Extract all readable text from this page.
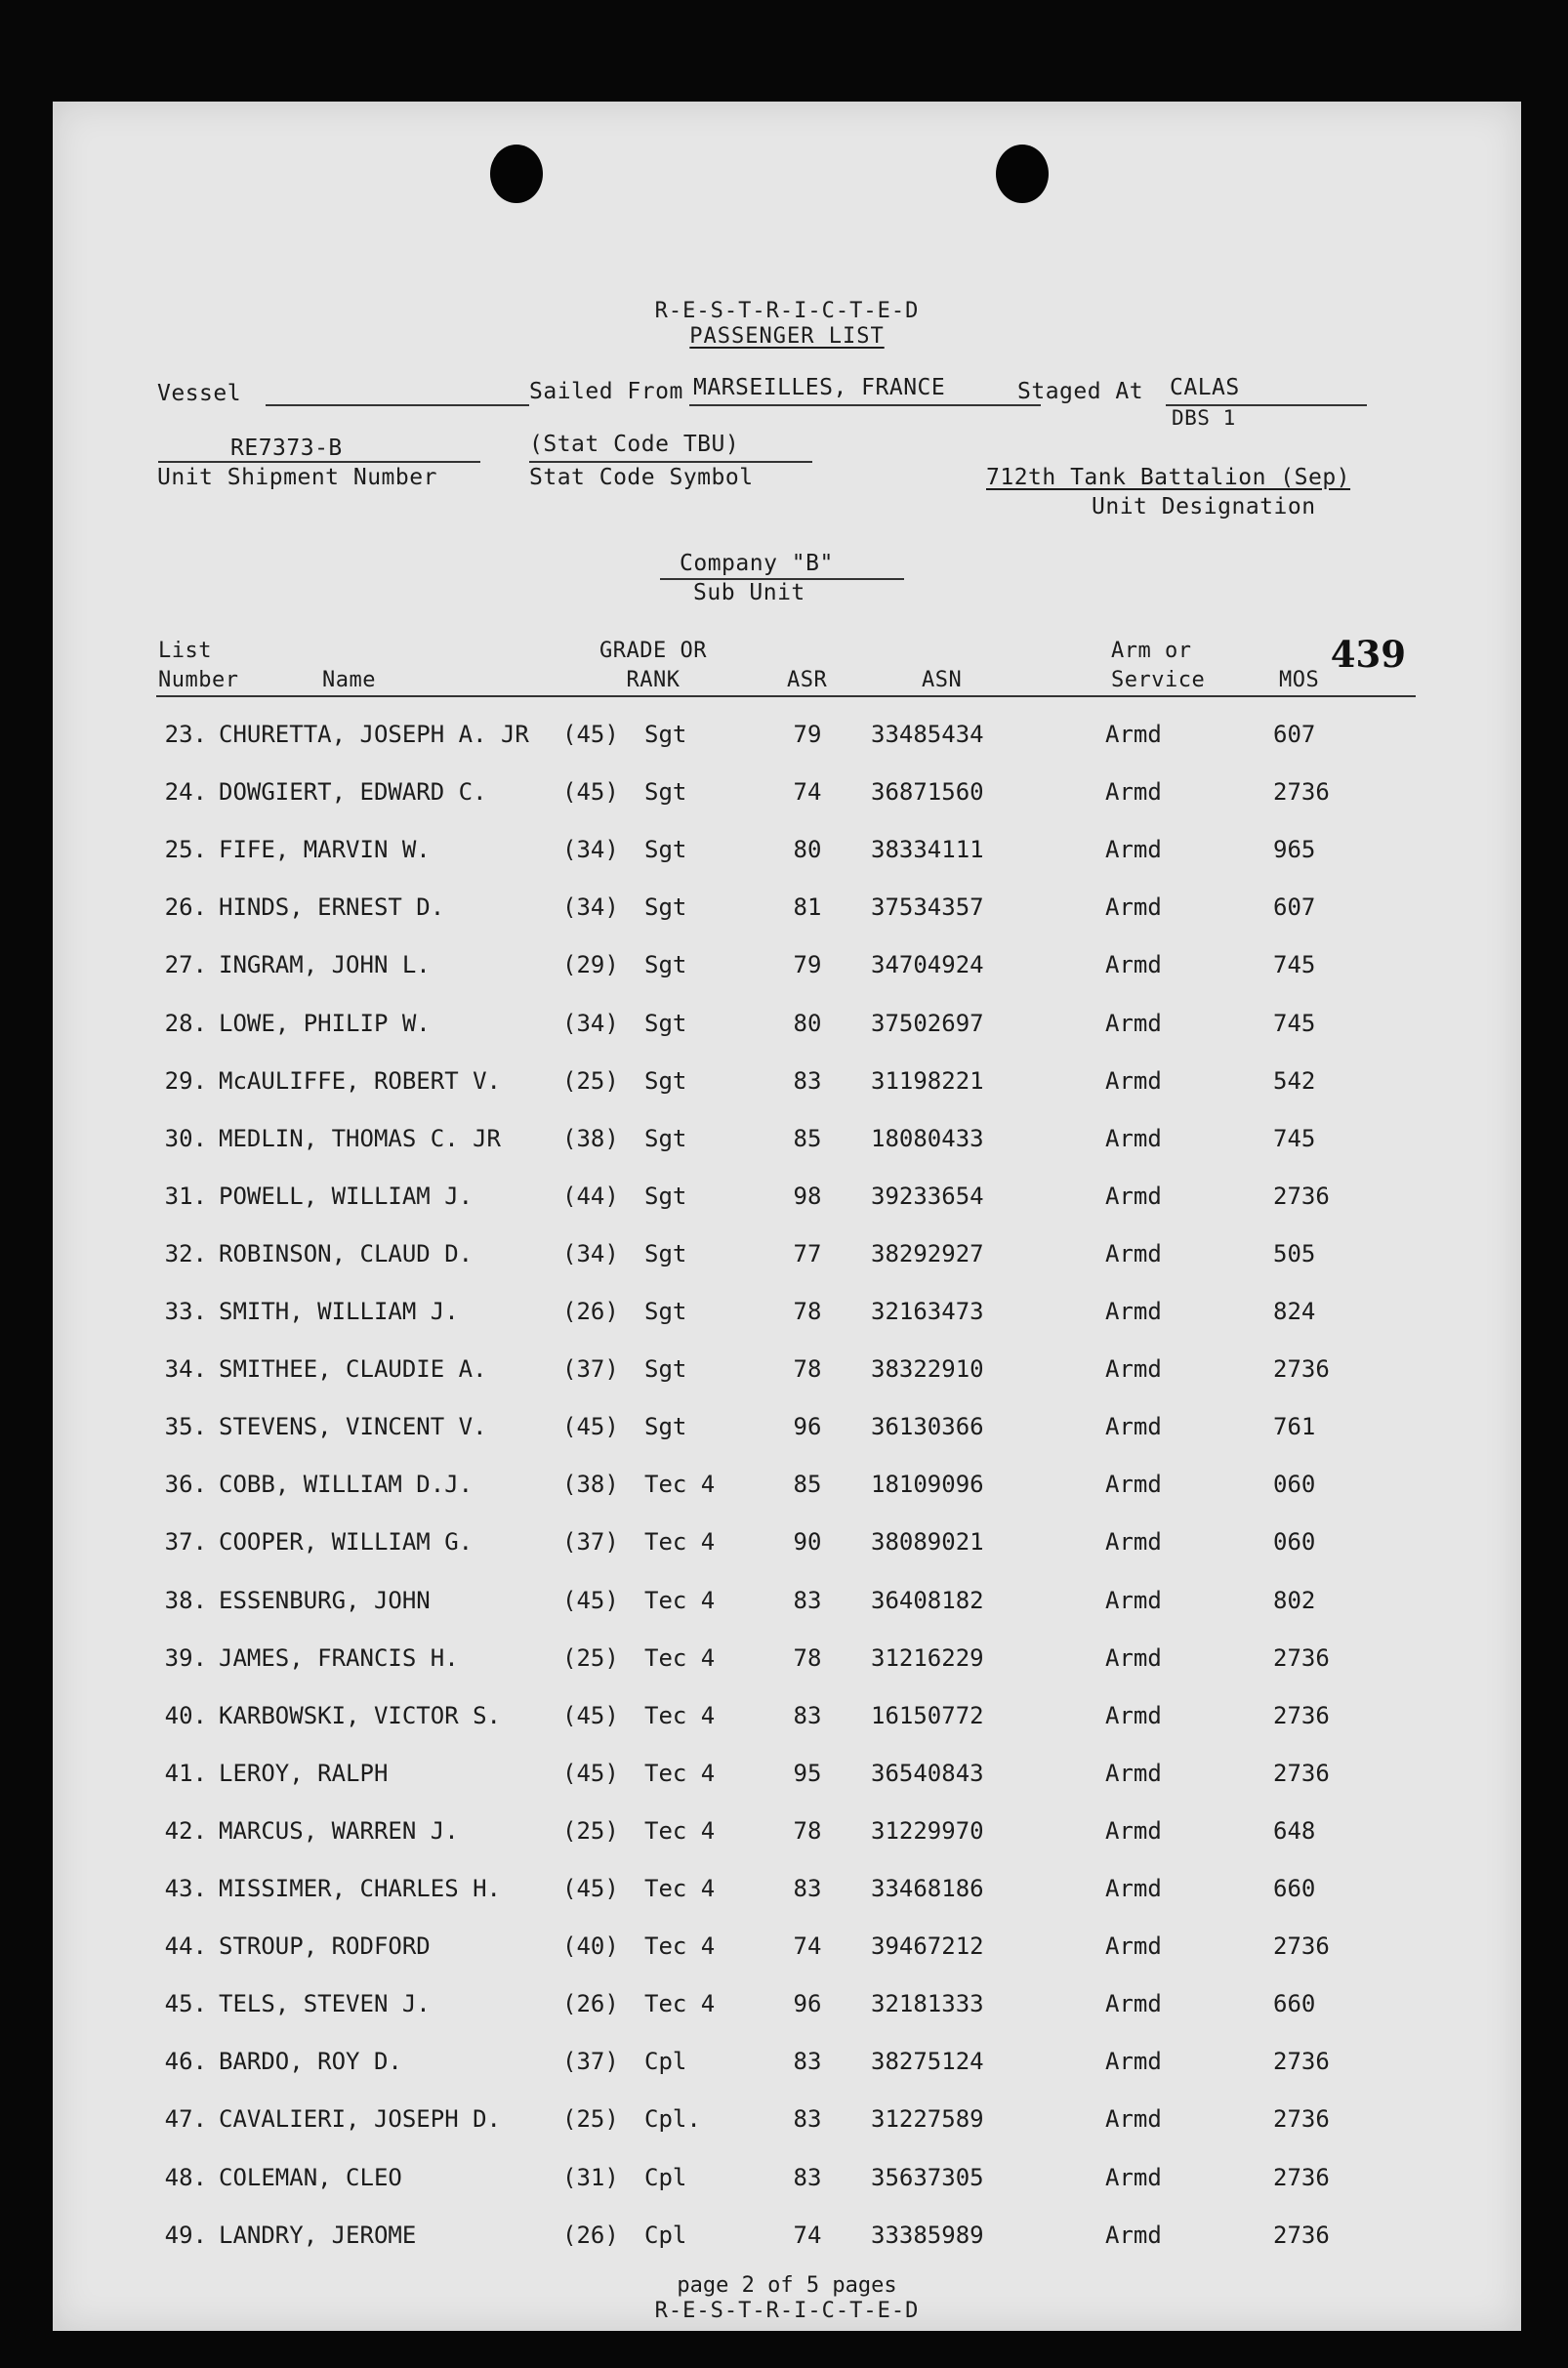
R-E-S-T-R-I-C-T-E-D
PASSENGER LIST
Vessel	Sailed From MARSEILLES, FRANCE	Staged At CALAS
DBS 1
RE7373-B
Unit Shipment Number
(Stat Code TBU)
Stat Code Symbol	712th Tank Battalion (Sep)
Unit Designation
Company "B"
Sub Unit
439
List
Number	Name
GRADE OR
RANK	ASR	ASN
Arm or
Service	MOS
23. CHURETTA, JOSEPH A. JR (45) Sgt	79	33485434	Armd	607
24. DOWGIERT, EDWARD C.	(45) Sgt	74	36871560	Armd	2736
25. FIFE, MARVIN W.	(34) Sgt	80	38334111	Armd	965
26. HINDS, ERNEST D.	(34) Sgt	81	37534357	Armd	607
27. INGRAM, JOHN L.	(29) Sgt	79	34704924	Armd	745
28. LOWE, PHILIP W.	(34) Sgt	80	37502697	Armd	745
29. McAULIFFE, ROBERT V.	(25) Sgt	83	31198221	Armd	542
30. MEDLIN, THOMAS C. JR	(38) Sgt	85	18080433	Armd	745
31. POWELL, WILLIAM J.	(44) Sgt	98	39233654	Armd	2736
32. ROBINSON, CLAUD D.	(34) Sgt	77	38292927	Armd	505
33. SMITH, WILLIAM J.	(26) Sgt	78	32163473	Armd	824
34. SMITHEE, CLAUDIE A.	(37) Sgt	78	38322910	Armd	2736
35. STEVENS, VINCENT V.	(45) Sgt	96	36130366	Armd	761
36. COBB, WILLIAM D.J.	(38) Tec 4	85	18109096	Armd	060
37. COOPER, WILLIAM G.	(37) Tec 4	90	38089021	Armd	060
38. ESSENBURG, JOHN	(45) Tec 4	83	36408182	Armd	802
39. JAMES, FRANCIS H.	(25) Tec 4	78	31216229	Armd	2736
40. KARBOWSKI, VICTOR S.	(45) Tec 4	83	16150772	Armd	2736
41. LEROY, RALPH	(45) Tec 4	95	36540843	Armd	2736
42. MARCUS, WARREN J.	(25) Tec 4	78	31229970	Armd	648
43. MISSIMER, CHARLES H.	(45) Tec 4	83	33468186	Armd	660
44. STROUP, RODFORD	(40) Tec 4	74	39467212	Armd	2736
45. TELS, STEVEN J.	(26) Tec 4	96	32181333	Armd	660
46. BARDO, ROY D.	(37) Cpl	83	38275124	Armd	2736
47. CAVALIERI, JOSEPH D.	(25) Cpl.	83	31227589	Armd	2736
48. COLEMAN, CLEO	(31) Cpl	83	35637305	Armd	2736
49. LANDRY, JEROME	(26) Cpl	74	33385989	Armd	2736
page 2 of 5 pages
R-E-S-T-R-I-C-T-E-D
